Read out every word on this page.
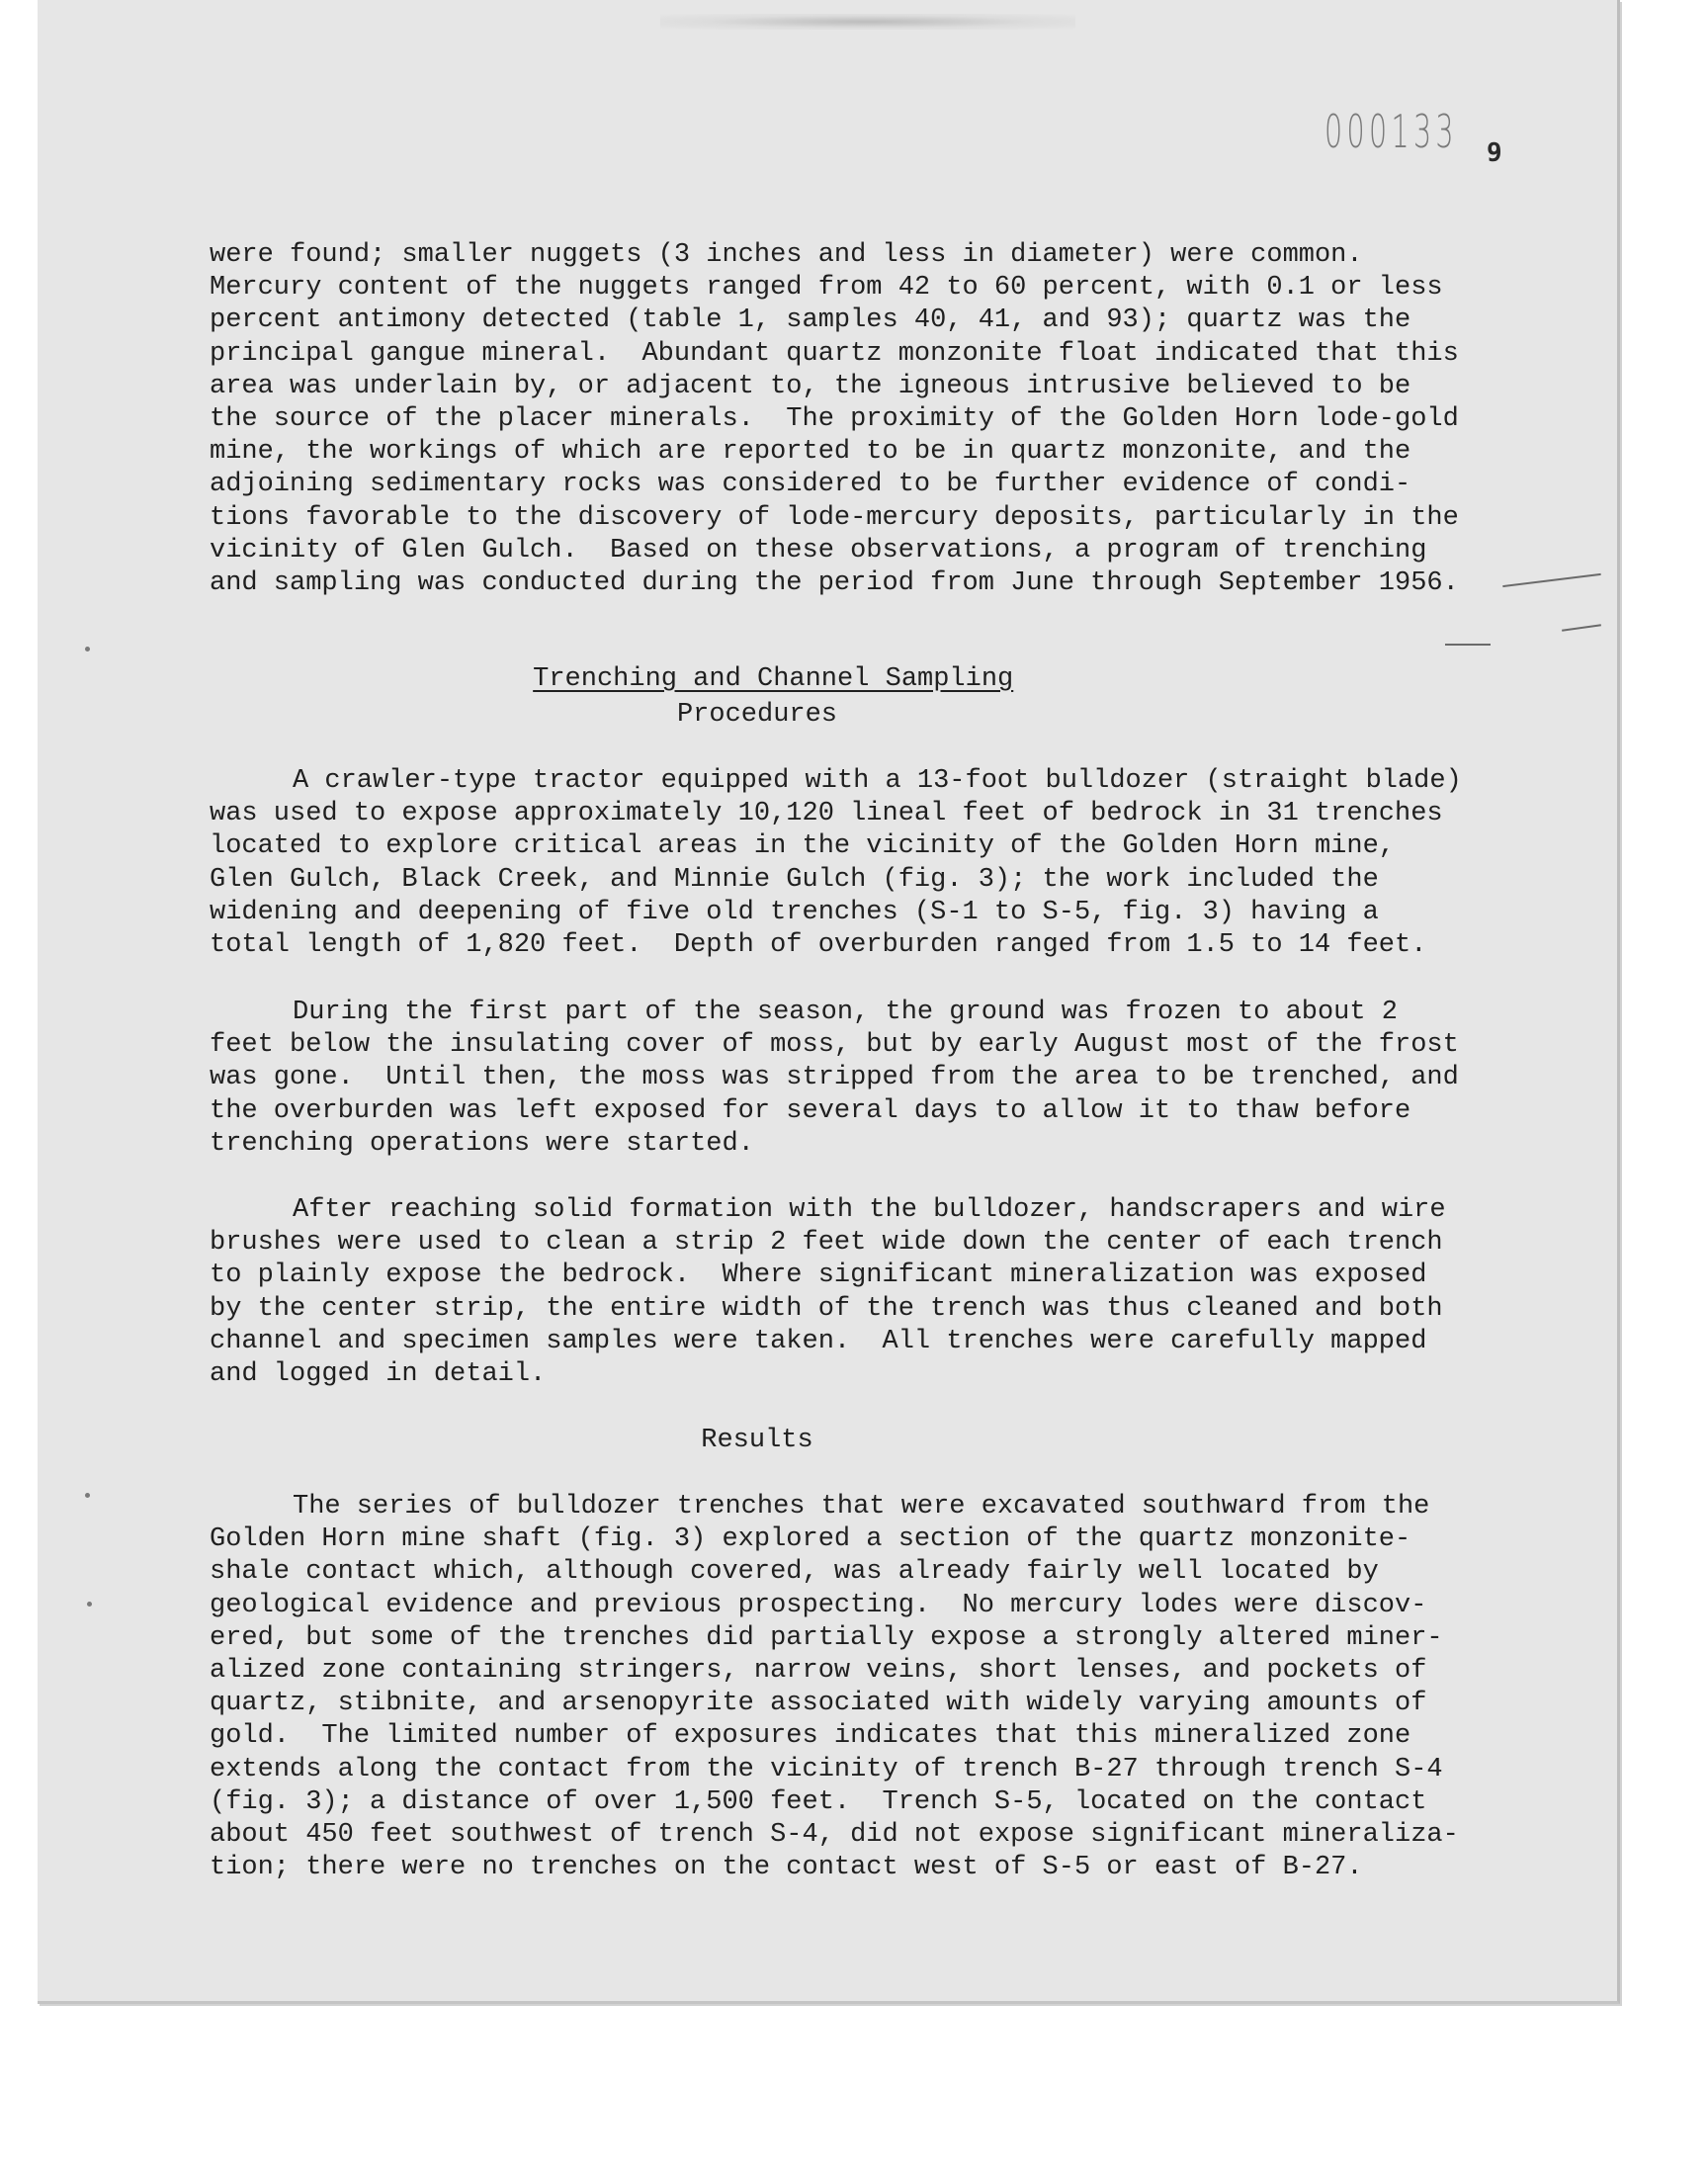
000133 9
were found; smaller nuggets (3 inches and less in diameter) were common.
Mercury content of the nuggets ranged from 42 to 60 percent, with 0.1 or less
percent antimony detected (table 1, samples 40, 41, and 93); quartz was the
principal gangue mineral.  Abundant quartz monzonite float indicated that this
area was underlain by, or adjacent to, the igneous intrusive believed to be
the source of the placer minerals.  The proximity of the Golden Horn lode-gold
mine, the workings of which are reported to be in quartz monzonite, and the
adjoining sedimentary rocks was considered to be further evidence of condi-
tions favorable to the discovery of lode-mercury deposits, particularly in the
vicinity of Glen Gulch.  Based on these observations, a program of trenching
and sampling was conducted during the period from June through September 1956.

Trenching and Channel Sampling

Procedures
A crawler-type tractor equipped with a 13-foot bulldozer (straight blade)
was used to expose approximately 10,120 lineal feet of bedrock in 31 trenches
located to explore critical areas in the vicinity of the Golden Horn mine,
Glen Gulch, Black Creek, and Minnie Gulch (fig. 3); the work included the
widening and deepening of five old trenches (S-1 to S-5, fig. 3) having a
total length of 1,820 feet.  Depth of overburden ranged from 1.5 to 14 feet.
During the first part of the season, the ground was frozen to about 2
feet below the insulating cover of moss, but by early August most of the frost
was gone.  Until then, the moss was stripped from the area to be trenched, and
the overburden was left exposed for several days to allow it to thaw before
trenching operations were started.
After reaching solid formation with the bulldozer, handscrapers and wire
brushes were used to clean a strip 2 feet wide down the center of each trench
to plainly expose the bedrock.  Where significant mineralization was exposed
by the center strip, the entire width of the trench was thus cleaned and both
channel and specimen samples were taken.  All trenches were carefully mapped
and logged in detail.
Results
The series of bulldozer trenches that were excavated southward from the
Golden Horn mine shaft (fig. 3) explored a section of the quartz monzonite-
shale contact which, although covered, was already fairly well located by
geological evidence and previous prospecting.  No mercury lodes were discov-
ered, but some of the trenches did partially expose a strongly altered miner-
alized zone containing stringers, narrow veins, short lenses, and pockets of
quartz, stibnite, and arsenopyrite associated with widely varying amounts of
gold.  The limited number of exposures indicates that this mineralized zone
extends along the contact from the vicinity of trench B-27 through trench S-4
(fig. 3); a distance of over 1,500 feet.  Trench S-5, located on the contact
about 450 feet southwest of trench S-4, did not expose significant mineraliza-
tion; there were no trenches on the contact west of S-5 or east of B-27.
